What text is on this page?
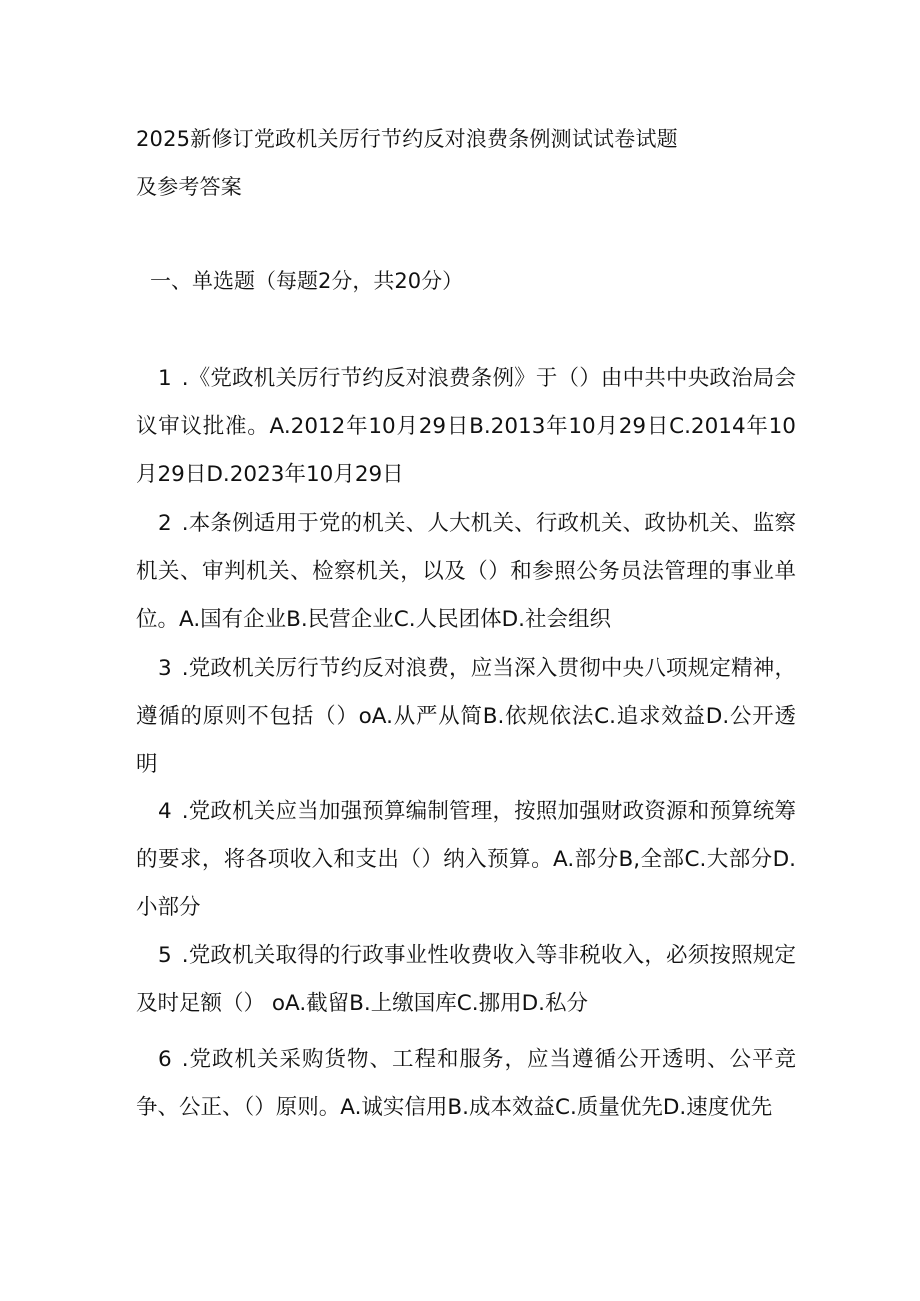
2025新修订党政机关厉行节约反对浪费条例测试试卷试题
及参考答案
一、单选题（每题2分，共20分）
1 .《党政机关厉行节约反对浪费条例》于（）由中共中央政治局会议审议批准。A.2012年10月29日B.2013年10月29日C.2014年10月29日D.2023年10月29日
2 .本条例适用于党的机关、人大机关、行政机关、政协机关、监察机关、审判机关、检察机关，以及（）和参照公务员法管理的事业单位。A.国有企业B.民营企业C.人民团体D.社会组织
3 .党政机关厉行节约反对浪费，应当深入贯彻中央八项规定精神，遵循的原则不包括（）oA.从严从简B.依规依法C.追求效益D.公开透明
4 .党政机关应当加强预算编制管理，按照加强财政资源和预算统筹的要求，将各项收入和支出（）纳入预算。A.部分B,全部C.大部分D.小部分
5 .党政机关取得的行政事业性收费收入等非税收入，必须按照规定及时足额（） oA.截留B.上缴国库C.挪用D.私分
6 .党政机关采购货物、工程和服务，应当遵循公开透明、公平竞争、公正、（）原则。A.诚实信用B.成本效益C.质量优先D.速度优先
